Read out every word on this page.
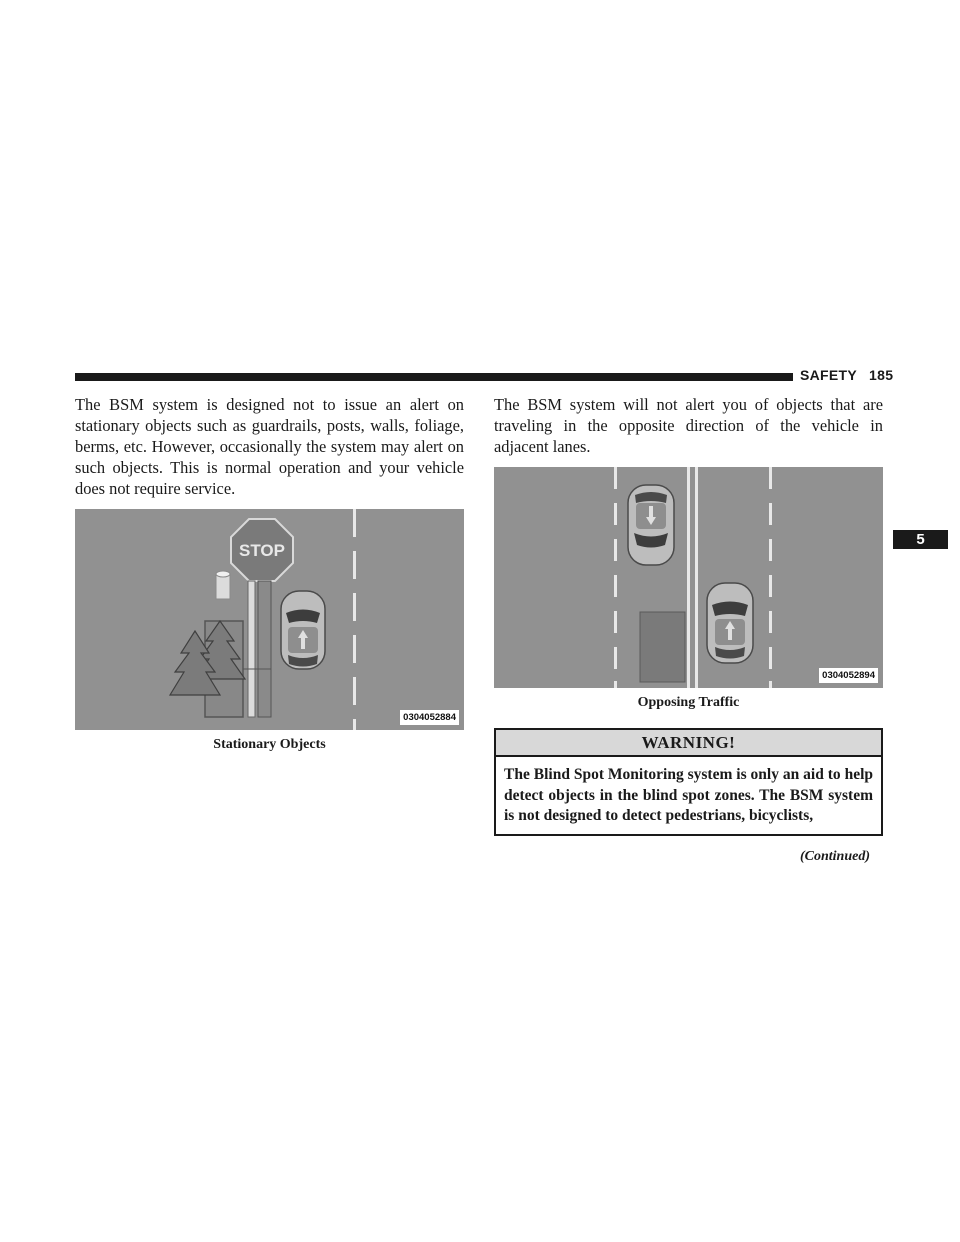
SAFETY 185
5

The BSM system is designed not to issue an alert on stationary objects such as guardrails, posts, walls, foliage, berms, etc. However, occasionally the system may alert on such objects. This is normal operation and your vehicle does not require service.

STOP
0304052884
Stationary Objects

The BSM system will not alert you of objects that are traveling in the opposite direction of the vehicle in adjacent lanes.

0304052894
Opposing Traffic
WARNING!
The Blind Spot Monitoring system is only an aid to help detect objects in the blind spot zones. The BSM system is not designed to detect pedestrians, bicyclists,
(Continued)
